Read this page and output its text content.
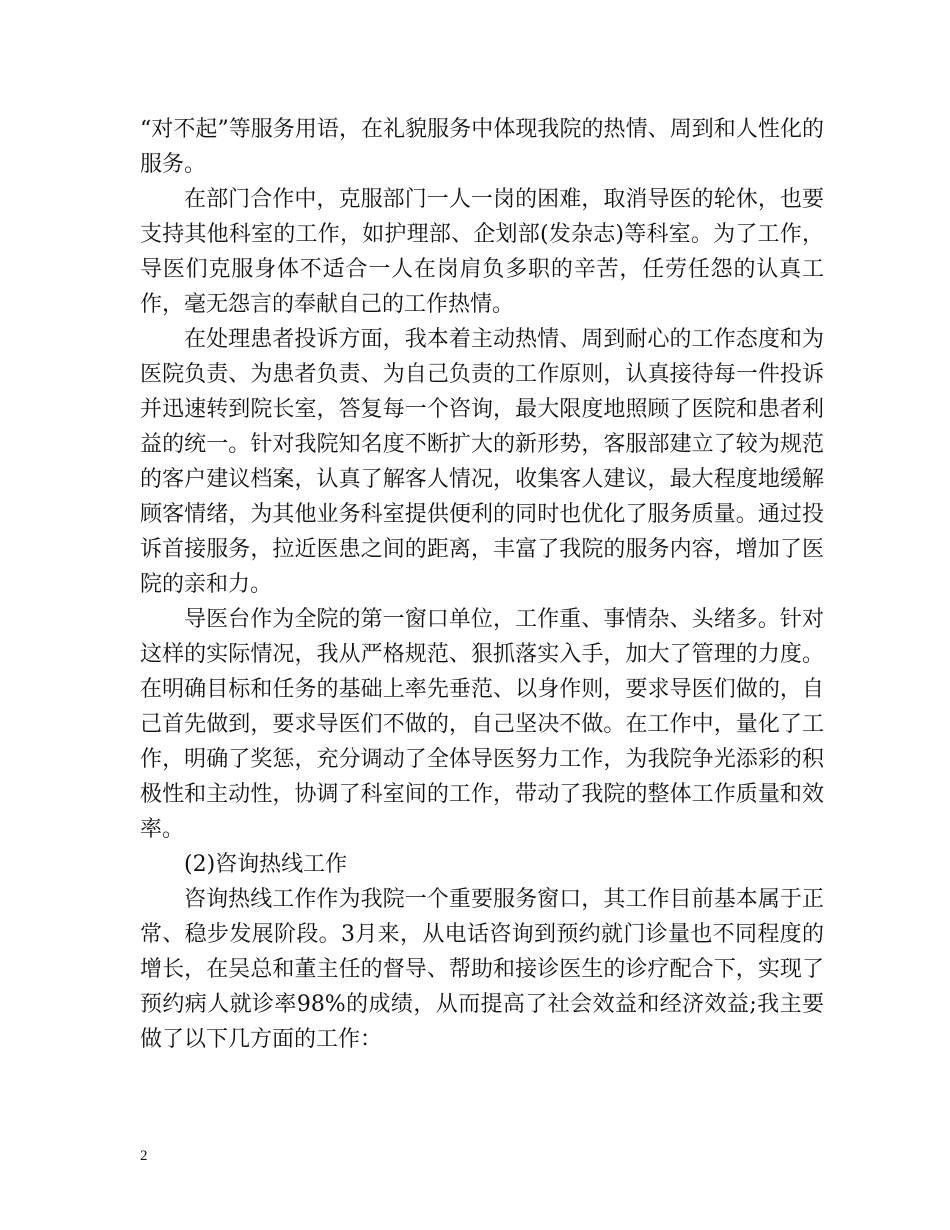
“对不起”等服务用语，在礼貌服务中体现我院的热情、周到和人性化的服务。

在部门合作中，克服部门一人一岗的困难，取消导医的轮休，也要支持其他科室的工作，如护理部、企划部(发杂志)等科室。为了工作，导医们克服身体不适合一人在岗肩负多职的辛苦，任劳任怨的认真工作，毫无怨言的奉献自己的工作热情。

在处理患者投诉方面，我本着主动热情、周到耐心的工作态度和为医院负责、为患者负责、为自己负责的工作原则，认真接待每一件投诉并迅速转到院长室，答复每一个咨询，最大限度地照顾了医院和患者利益的统一。针对我院知名度不断扩大的新形势，客服部建立了较为规范的客户建议档案，认真了解客人情况，收集客人建议，最大程度地缓解顾客情绪，为其他业务科室提供便利的同时也优化了服务质量。通过投诉首接服务，拉近医患之间的距离，丰富了我院的服务内容，增加了医院的亲和力。

导医台作为全院的第一窗口单位，工作重、事情杂、头绪多。针对这样的实际情况，我从严格规范、狠抓落实入手，加大了管理的力度。在明确目标和任务的基础上率先垂范、以身作则，要求导医们做的，自己首先做到，要求导医们不做的，自己坚决不做。在工作中，量化了工作，明确了奖惩，充分调动了全体导医努力工作，为我院争光添彩的积极性和主动性，协调了科室间的工作，带动了我院的整体工作质量和效率。

(2)咨询热线工作

咨询热线工作作为我院一个重要服务窗口，其工作目前基本属于正常、稳步发展阶段。3月来，从电话咨询到预约就门诊量也不同程度的增长，在吴总和董主任的督导、帮助和接诊医生的诊疗配合下，实现了预约病人就诊率98%的成绩，从而提高了社会效益和经济效益;我主要做了以下几方面的工作：

2
